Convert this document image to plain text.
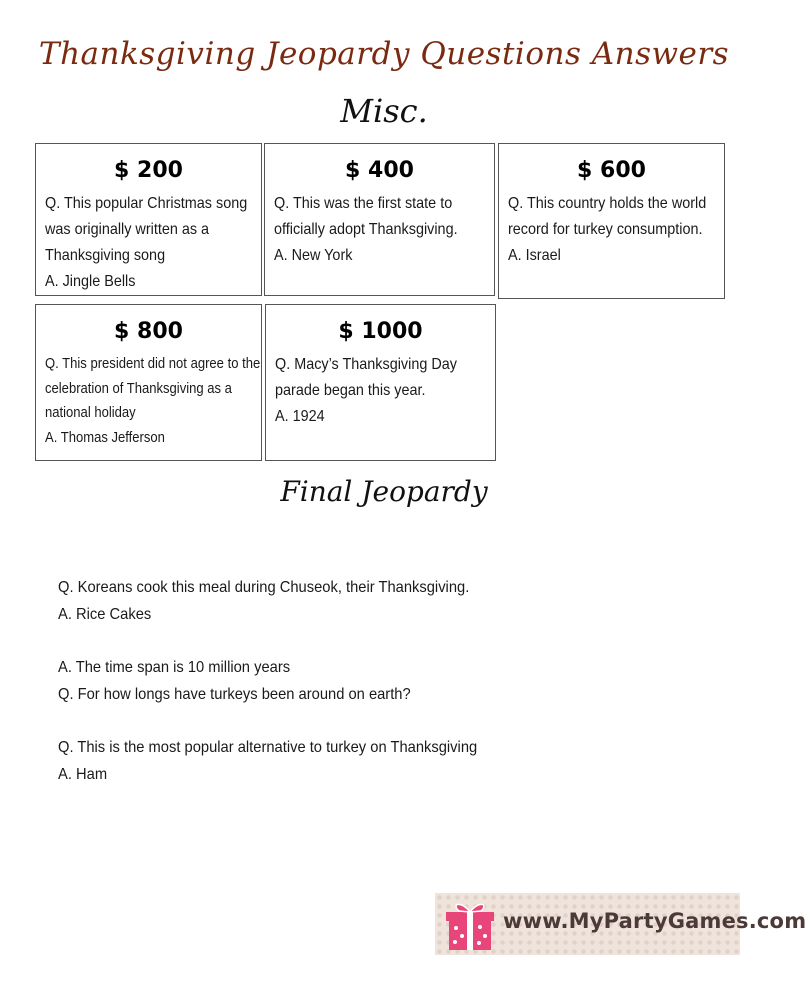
Thanksgiving Jeopardy Questions Answers
Misc.
$ 200
Q. This popular Christmas song was originally written as a Thanksgiving song
A. Jingle Bells
$ 400
Q. This was the first state to officially adopt Thanksgiving.
A. New York
$ 600
Q. This country holds the world record for turkey consumption.
A. Israel
$ 800
Q. This president did not agree to the celebration of Thanksgiving as a national holiday
A. Thomas Jefferson
$ 1000
Q. Macy’s Thanksgiving Day parade began this year.
A. 1924
Final Jeopardy
Q. Koreans cook this meal during Chuseok, their Thanksgiving.
A. Rice Cakes
A. The time span is 10 million years
Q. For how longs have turkeys been around on earth?
Q. This is the most popular alternative to turkey on Thanksgiving
A. Ham
www.MyPartyGames.com
